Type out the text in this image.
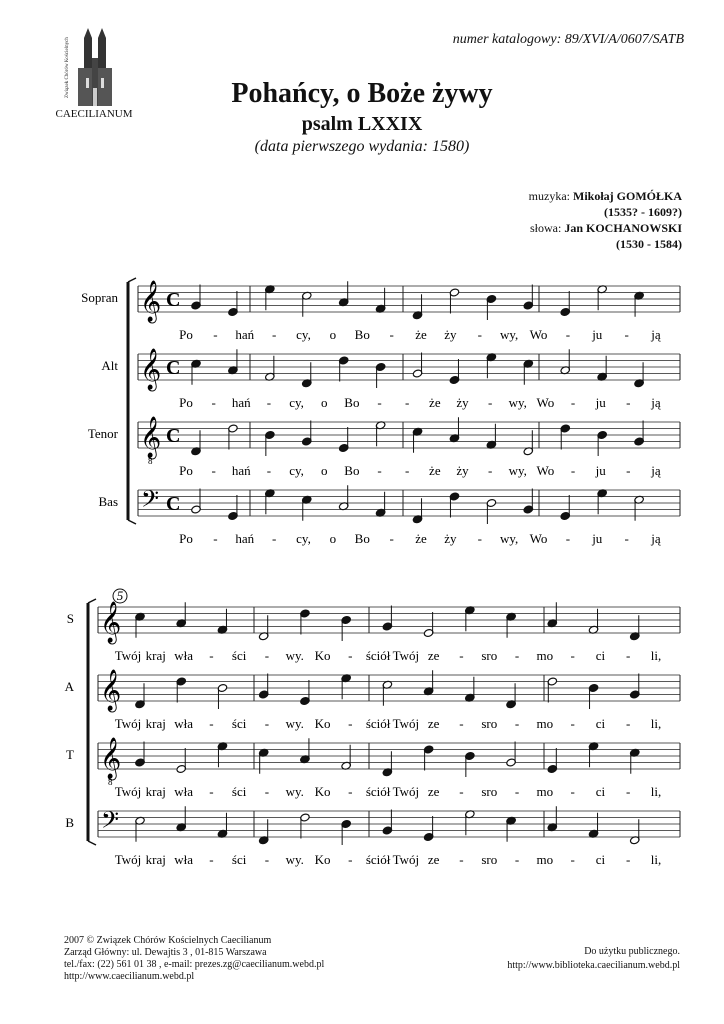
numer katalogowy: 89/XVI/A/0607/SATB
Związek Chórów Kościelnych
CAECILIANUM
Pohańcy, o Boże żywy
psalm LXXIX
(data pierwszego wydania: 1580)
muzyka: Mikołaj GOMÓŁKA
(1535? - 1609?)
słowa: Jan KOCHANOWSKI
(1530 - 1584)
𝄞 C
Sopran
Po - hań - cy, o Bo - że ży - wy, Wo - ju - ją
𝄞 C
Alt
Po - hań - cy, o Bo - - że ży - wy, Wo - ju - ją
𝄞
8
C
Tenor
Po - hań - cy, o Bo - - że ży - wy, Wo - ju - ją
𝄢 C
Bas
Po - hań - cy, o Bo - że ży - wy, Wo - ju - ją
𝄞
S
Twój kraj wła - ści - wy. Ko - ściół Twój ze - sro - mo - ci - li,
𝄞
A
Twój kraj wła - ści - wy. Ko - ściół Twój ze - sro - mo - ci - li,
𝄞
8
T
Twój kraj wła - ści - wy. Ko - ściół Twój ze - sro - mo - ci - li,
𝄢
B
Twój kraj wła - ści - wy. Ko - ściół Twój ze - sro - mo - ci - li,
5
2007 © Związek Chórów Kościelnych Caecilianum
Zarząd Główny: ul. Dewajtis 3 , 01-815 Warszawa
tel./fax: (22) 561 01 38 , e-mail: prezes.zg@caecilianum.webd.pl
http://www.caecilianum.webd.pl
Do użytku publicznego.
http://www.biblioteka.caecilianum.webd.pl
